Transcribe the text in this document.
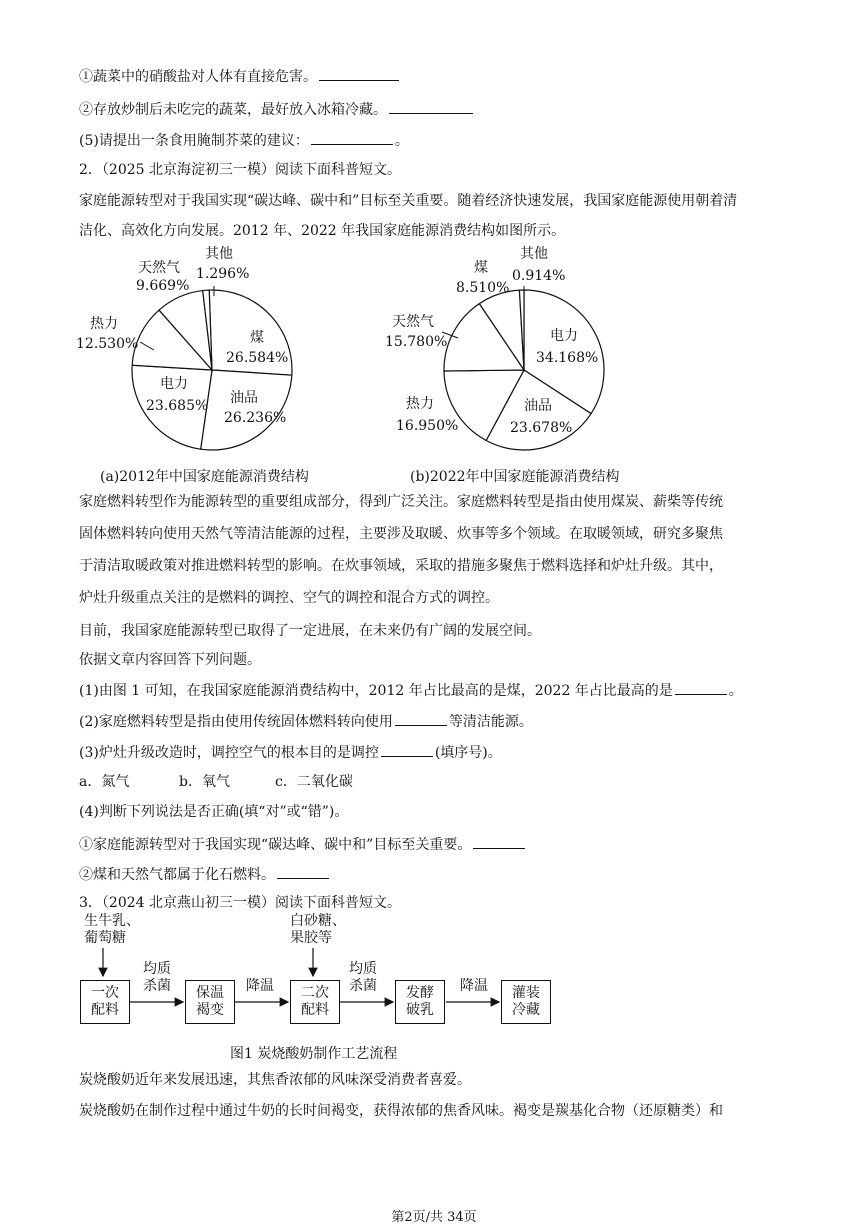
①蔬菜中的硝酸盐对人体有直接危害。
②存放炒制后未吃完的蔬菜，最好放入冰箱冷藏。
(5)请提出一条食用腌制芥菜的建议：	。
2．（2025 北京海淀初三一模）阅读下面科普短文。
家庭能源转型对于我国实现“碳达峰、碳中和”目标至关重要。随着经济快速发展，我国家庭能源使用朝着清
洁化、高效化方向发展。2012 年、2022 年我国家庭能源消费结构如图所示。
煤
26.584%
油品
26.236%
电力
23.685%
热力
12.530%
天然气
9.669%
其他
1.296%
电力
34.168%
油品
23.678%
热力
16.950%
天然气
15.780%
煤
8.510%
其他
0.914%
(a)2012年中国家庭能源消费结构	(b)2022年中国家庭能源消费结构
家庭燃料转型作为能源转型的重要组成部分，得到广泛关注。家庭燃料转型是指由使用煤炭、薪柴等传统
固体燃料转向使用天然气等清洁能源的过程，主要涉及取暖、炊事等多个领域。在取暖领域，研究多聚焦
于清洁取暖政策对推进燃料转型的影响。在炊事领域，采取的措施多聚焦于燃料选择和炉灶升级。其中，
炉灶升级重点关注的是燃料的调控、空气的调控和混合方式的调控。
目前，我国家庭能源转型已取得了一定进展，在未来仍有广阔的发展空间。
依据文章内容回答下列问题。
(1)由图 1 可知，在我国家庭能源消费结构中，2012 年占比最高的是煤，2022 年占比最高的是	。
(2)家庭燃料转型是指由使用传统固体燃料转向使用	等清洁能源。
(3)炉灶升级改造时，调控空气的根本目的是调控	(填序号)。
a．氮气	b．氧气	c．二氧化碳
(4)判断下列说法是否正确(填“对”或“错”)。
①家庭能源转型对于我国实现“碳达峰、碳中和”目标至关重要。
②煤和天然气都属于化石燃料。
3．（2024 北京燕山初三一模）阅读下面科普短文。
生牛乳、
葡萄糖
白砂糖、
果胶等
均质
杀菌	降温
均质
杀菌	降温
一次
配料
保温
褐变
二次
配料
发酵
破乳
灌装
冷藏
图1 炭烧酸奶制作工艺流程
炭烧酸奶近年来发展迅速，其焦香浓郁的风味深受消费者喜爱。
炭烧酸奶在制作过程中通过牛奶的长时间褐变，获得浓郁的焦香风味。褐变是羰基化合物（还原糖类）和
第2页/共 34页
